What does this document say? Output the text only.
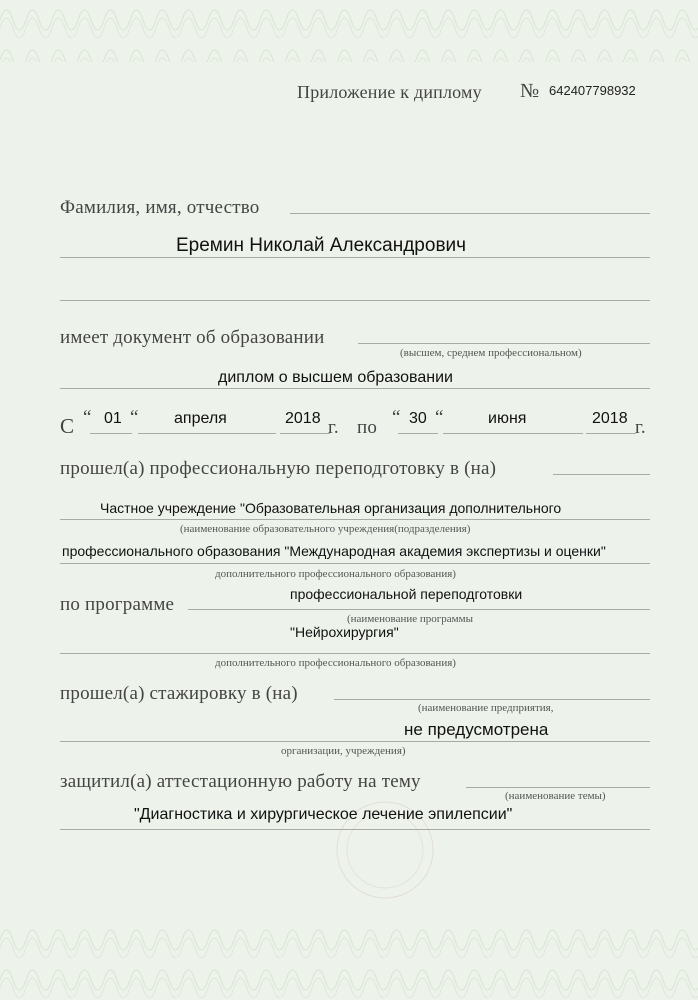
Приложение к диплому № 642407798932
Фамилия, имя, отчество
Еремин Николай Александрович
имеет документ об образовании
(высшем, среднем профессиональном)
диплом о высшем образовании
С “ 01 “ апреля	2018 г. по “ 30 “	июня	2018 г.
прошел(а) профессиональную переподготовку в (на)
Частное учреждение "Образовательная организация дополнительного
(наименование образовательного учреждения(подразделения)
профессионального образования "Международная академия экспертизы и оценки"
дополнительного профессионального образования)
по программе	профессиональной переподготовки
(наименование программы
"Нейрохирургия"
дополнительного профессионального образования)
прошел(а) стажировку в (на)
(наименование предприятия,
не предусмотрена
организации, учреждения)
защитил(а) аттестационную работу на тему
(наименование темы)
"Диагностика и хирургическое лечение эпилепсии"
